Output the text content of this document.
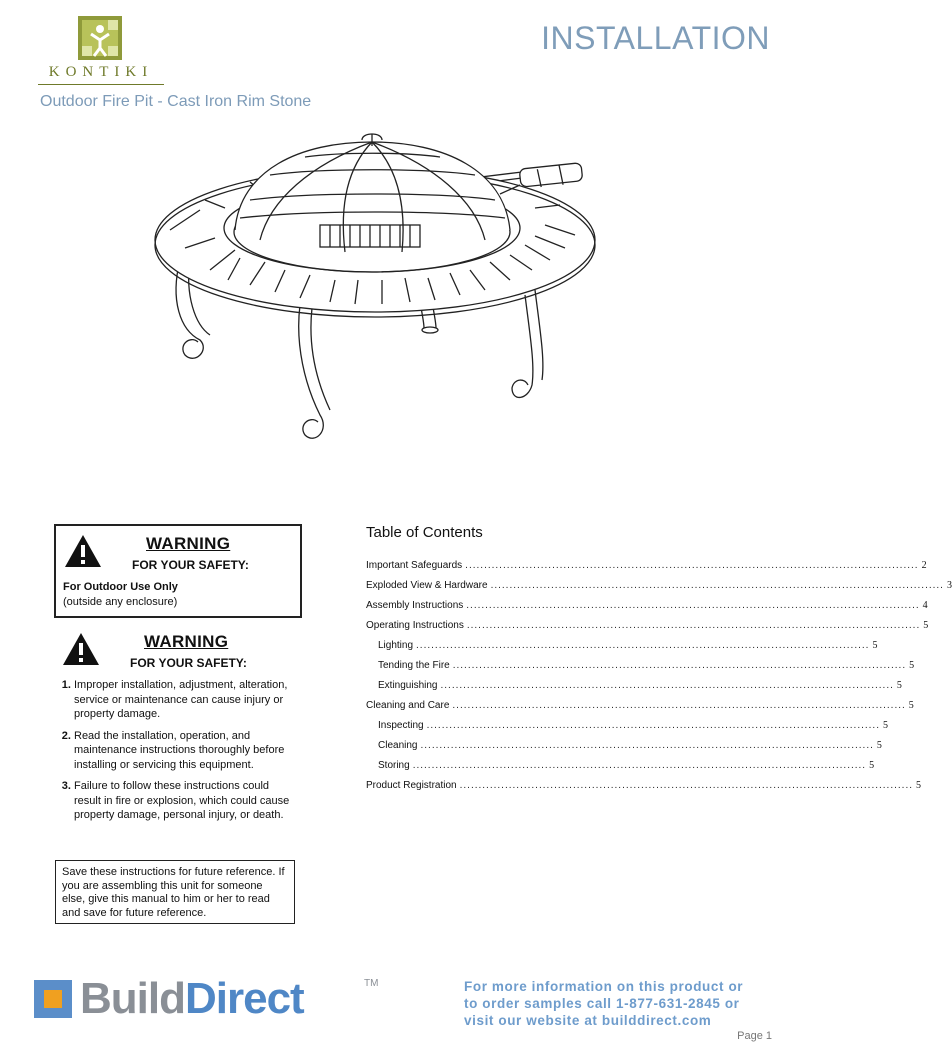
KONTIKI
INSTALLATION
Outdoor Fire Pit - Cast Iron Rim Stone
WARNING
FOR YOUR SAFETY:
For Outdoor Use Only
(outside any enclosure)
WARNING
FOR YOUR SAFETY:
1. Improper installation, adjustment, alteration, service or maintenance can cause injury or property damage.
2. Read the installation, operation, and maintenance instructions thoroughly before installing or servicing this equipment.
3. Failure to follow these instructions could result in fire or explosion, which could cause property damage, personal injury, or death.
Save these instructions for future reference. If you are assembling this unit for someone else, give this manual to him or her to read and save for future reference.
Table of Contents
Important Safeguards ........................................................................................................................ 2
Exploded View & Hardware ........................................................................................................................ 3
Assembly Instructions ........................................................................................................................ 4
Operating Instructions ........................................................................................................................ 5
Lighting ........................................................................................................................ 5
Tending the Fire ........................................................................................................................ 5
Extinguishing ........................................................................................................................ 5
Cleaning and Care ........................................................................................................................ 5
Inspecting ........................................................................................................................ 5
Cleaning ........................................................................................................................ 5
Storing ........................................................................................................................ 5
Product Registration ........................................................................................................................ 5
BuildDirect	TM	For more information on this product or
to order samples call 1-877-631-2845 or
visit our website at builddirect.com
Page 1
